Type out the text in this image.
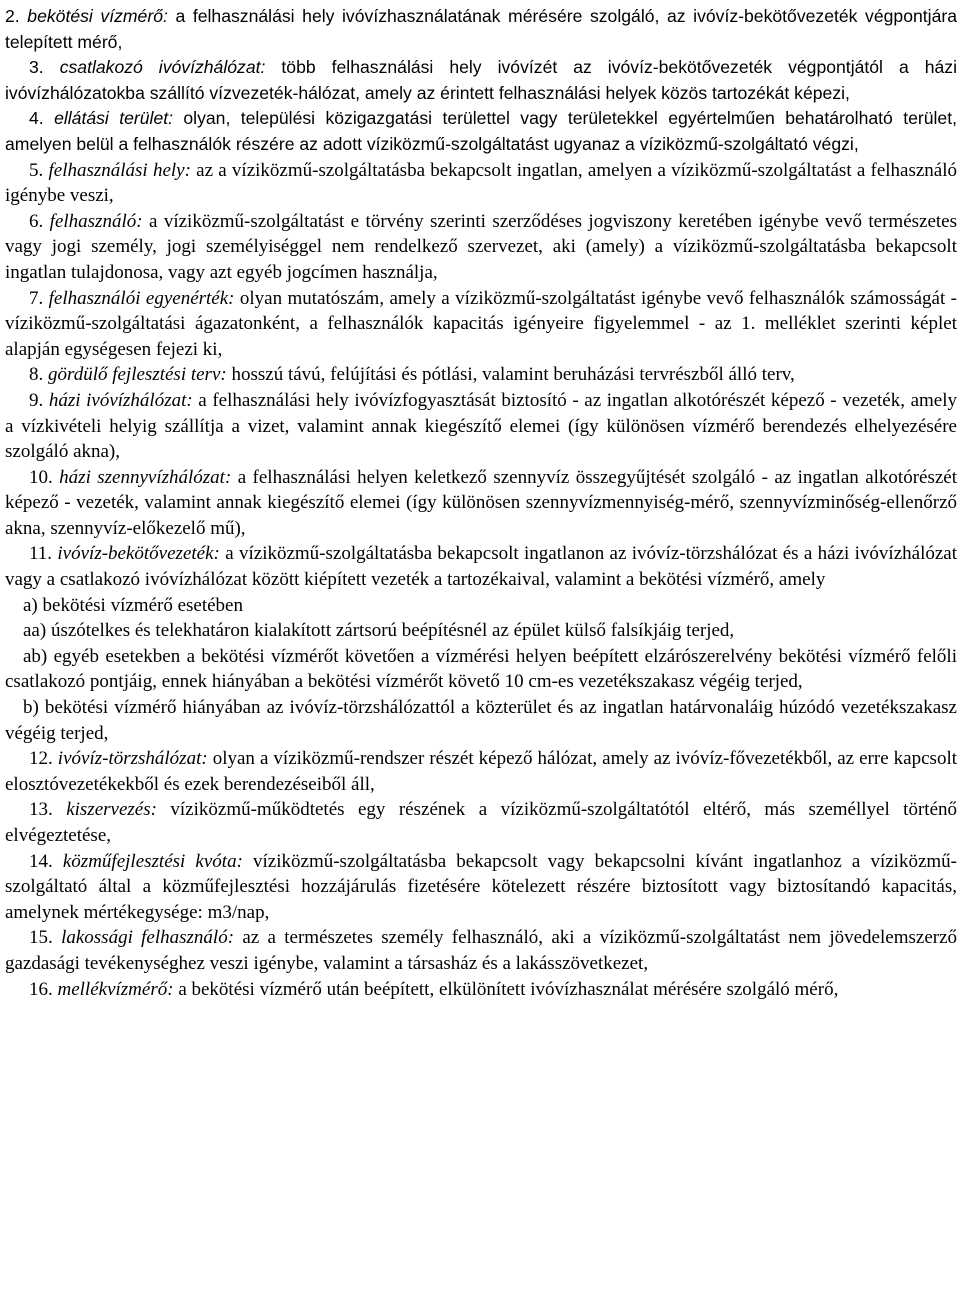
2. bekötési vízmérő: a felhasználási hely ivóvízhasználatának mérésére szolgáló, az ivóvíz-bekötővezeték végpontjára telepített mérő,

3. csatlakozó ivóvízhálózat: több felhasználási hely ivóvízét az ivóvíz-bekötővezeték végpontjától a házi ivóvízhálózatokba szállító vízvezeték-hálózat, amely az érintett felhasználási helyek közös tartozékát képezi,

4. ellátási terület: olyan, települési közigazgatási területtel vagy területekkel egyértelműen behatárolható terület, amelyen belül a felhasználók részére az adott víziközmű-szolgáltatást ugyanaz a víziközmű-szolgáltató végzi,

5. felhasználási hely: az a víziközmű-szolgáltatásba bekapcsolt ingatlan, amelyen a víziközmű-szolgáltatást a felhasználó igénybe veszi,

6. felhasználó: a víziközmű-szolgáltatást e törvény szerinti szerződéses jogviszony keretében igénybe vevő természetes vagy jogi személy, jogi személyiséggel nem rendelkező szervezet, aki (amely) a víziközmű-szolgáltatásba bekapcsolt ingatlan tulajdonosa, vagy azt egyéb jogcímen használja,

7. felhasználói egyenérték: olyan mutatószám, amely a víziközmű-szolgáltatást igénybe vevő felhasználók számosságát - víziközmű-szolgáltatási ágazatonként, a felhasználók kapacitás igényeire figyelemmel - az 1. melléklet szerinti képlet alapján egységesen fejezi ki,

8. gördülő fejlesztési terv: hosszú távú, felújítási és pótlási, valamint beruházási tervrészből álló terv,

9. házi ivóvízhálózat: a felhasználási hely ivóvízfogyasztását biztosító - az ingatlan alkotórészét képező - vezeték, amely a vízkivételi helyig szállítja a vizet, valamint annak kiegészítő elemei (így különösen vízmérő berendezés elhelyezésére szolgáló akna),

10. házi szennyvízhálózat: a felhasználási helyen keletkező szennyvíz összegyűjtését szolgáló - az ingatlan alkotórészét képező - vezeték, valamint annak kiegészítő elemei (így különösen szennyvízmennyiség-mérő, szennyvízminőség-ellenőrző akna, szennyvíz-előkezelő mű),

11. ivóvíz-bekötővezeték: a víziközmű-szolgáltatásba bekapcsolt ingatlanon az ivóvíz-törzshálózat és a házi ivóvízhálózat vagy a csatlakozó ivóvízhálózat között kiépített vezeték a tartozékaival, valamint a bekötési vízmérő, amely

a) bekötési vízmérő esetében

aa) úszótelkes és telekhatáron kialakított zártsorú beépítésnél az épület külső falsíkjáig terjed,

ab) egyéb esetekben a bekötési vízmérőt követően a vízmérési helyen beépített elzárószerelvény bekötési vízmérő felőli csatlakozó pontjáig, ennek hiányában a bekötési vízmérőt követő 10 cm-es vezetékszakasz végéig terjed,

b) bekötési vízmérő hiányában az ivóvíz-törzshálózattól a közterület és az ingatlan határvonaláig húzódó vezetékszakasz végéig terjed,

12. ivóvíz-törzshálózat: olyan a víziközmű-rendszer részét képező hálózat, amely az ivóvíz-fővezetékből, az erre kapcsolt elosztóvezetékekből és ezek berendezéseiből áll,

13. kiszervezés: víziközmű-működtetés egy részének a víziközmű-szolgáltatótól eltérő, más személlyel történő elvégeztetése,

14. közműfejlesztési kvóta: víziközmű-szolgáltatásba bekapcsolt vagy bekapcsolni kívánt ingatlanhoz a víziközmű-szolgáltató által a közműfejlesztési hozzájárulás fizetésére kötelezett részére biztosított vagy biztosítandó kapacitás, amelynek mértékegysége: m3/nap,

15. lakossági felhasználó: az a természetes személy felhasználó, aki a víziközmű-szolgáltatást nem jövedelemszerző gazdasági tevékenységhez veszi igénybe, valamint a társasház és a lakásszövetkezet,

16. mellékvízmérő: a bekötési vízmérő után beépített, elkülönített ivóvízhasználat mérésére szolgáló mérő,
